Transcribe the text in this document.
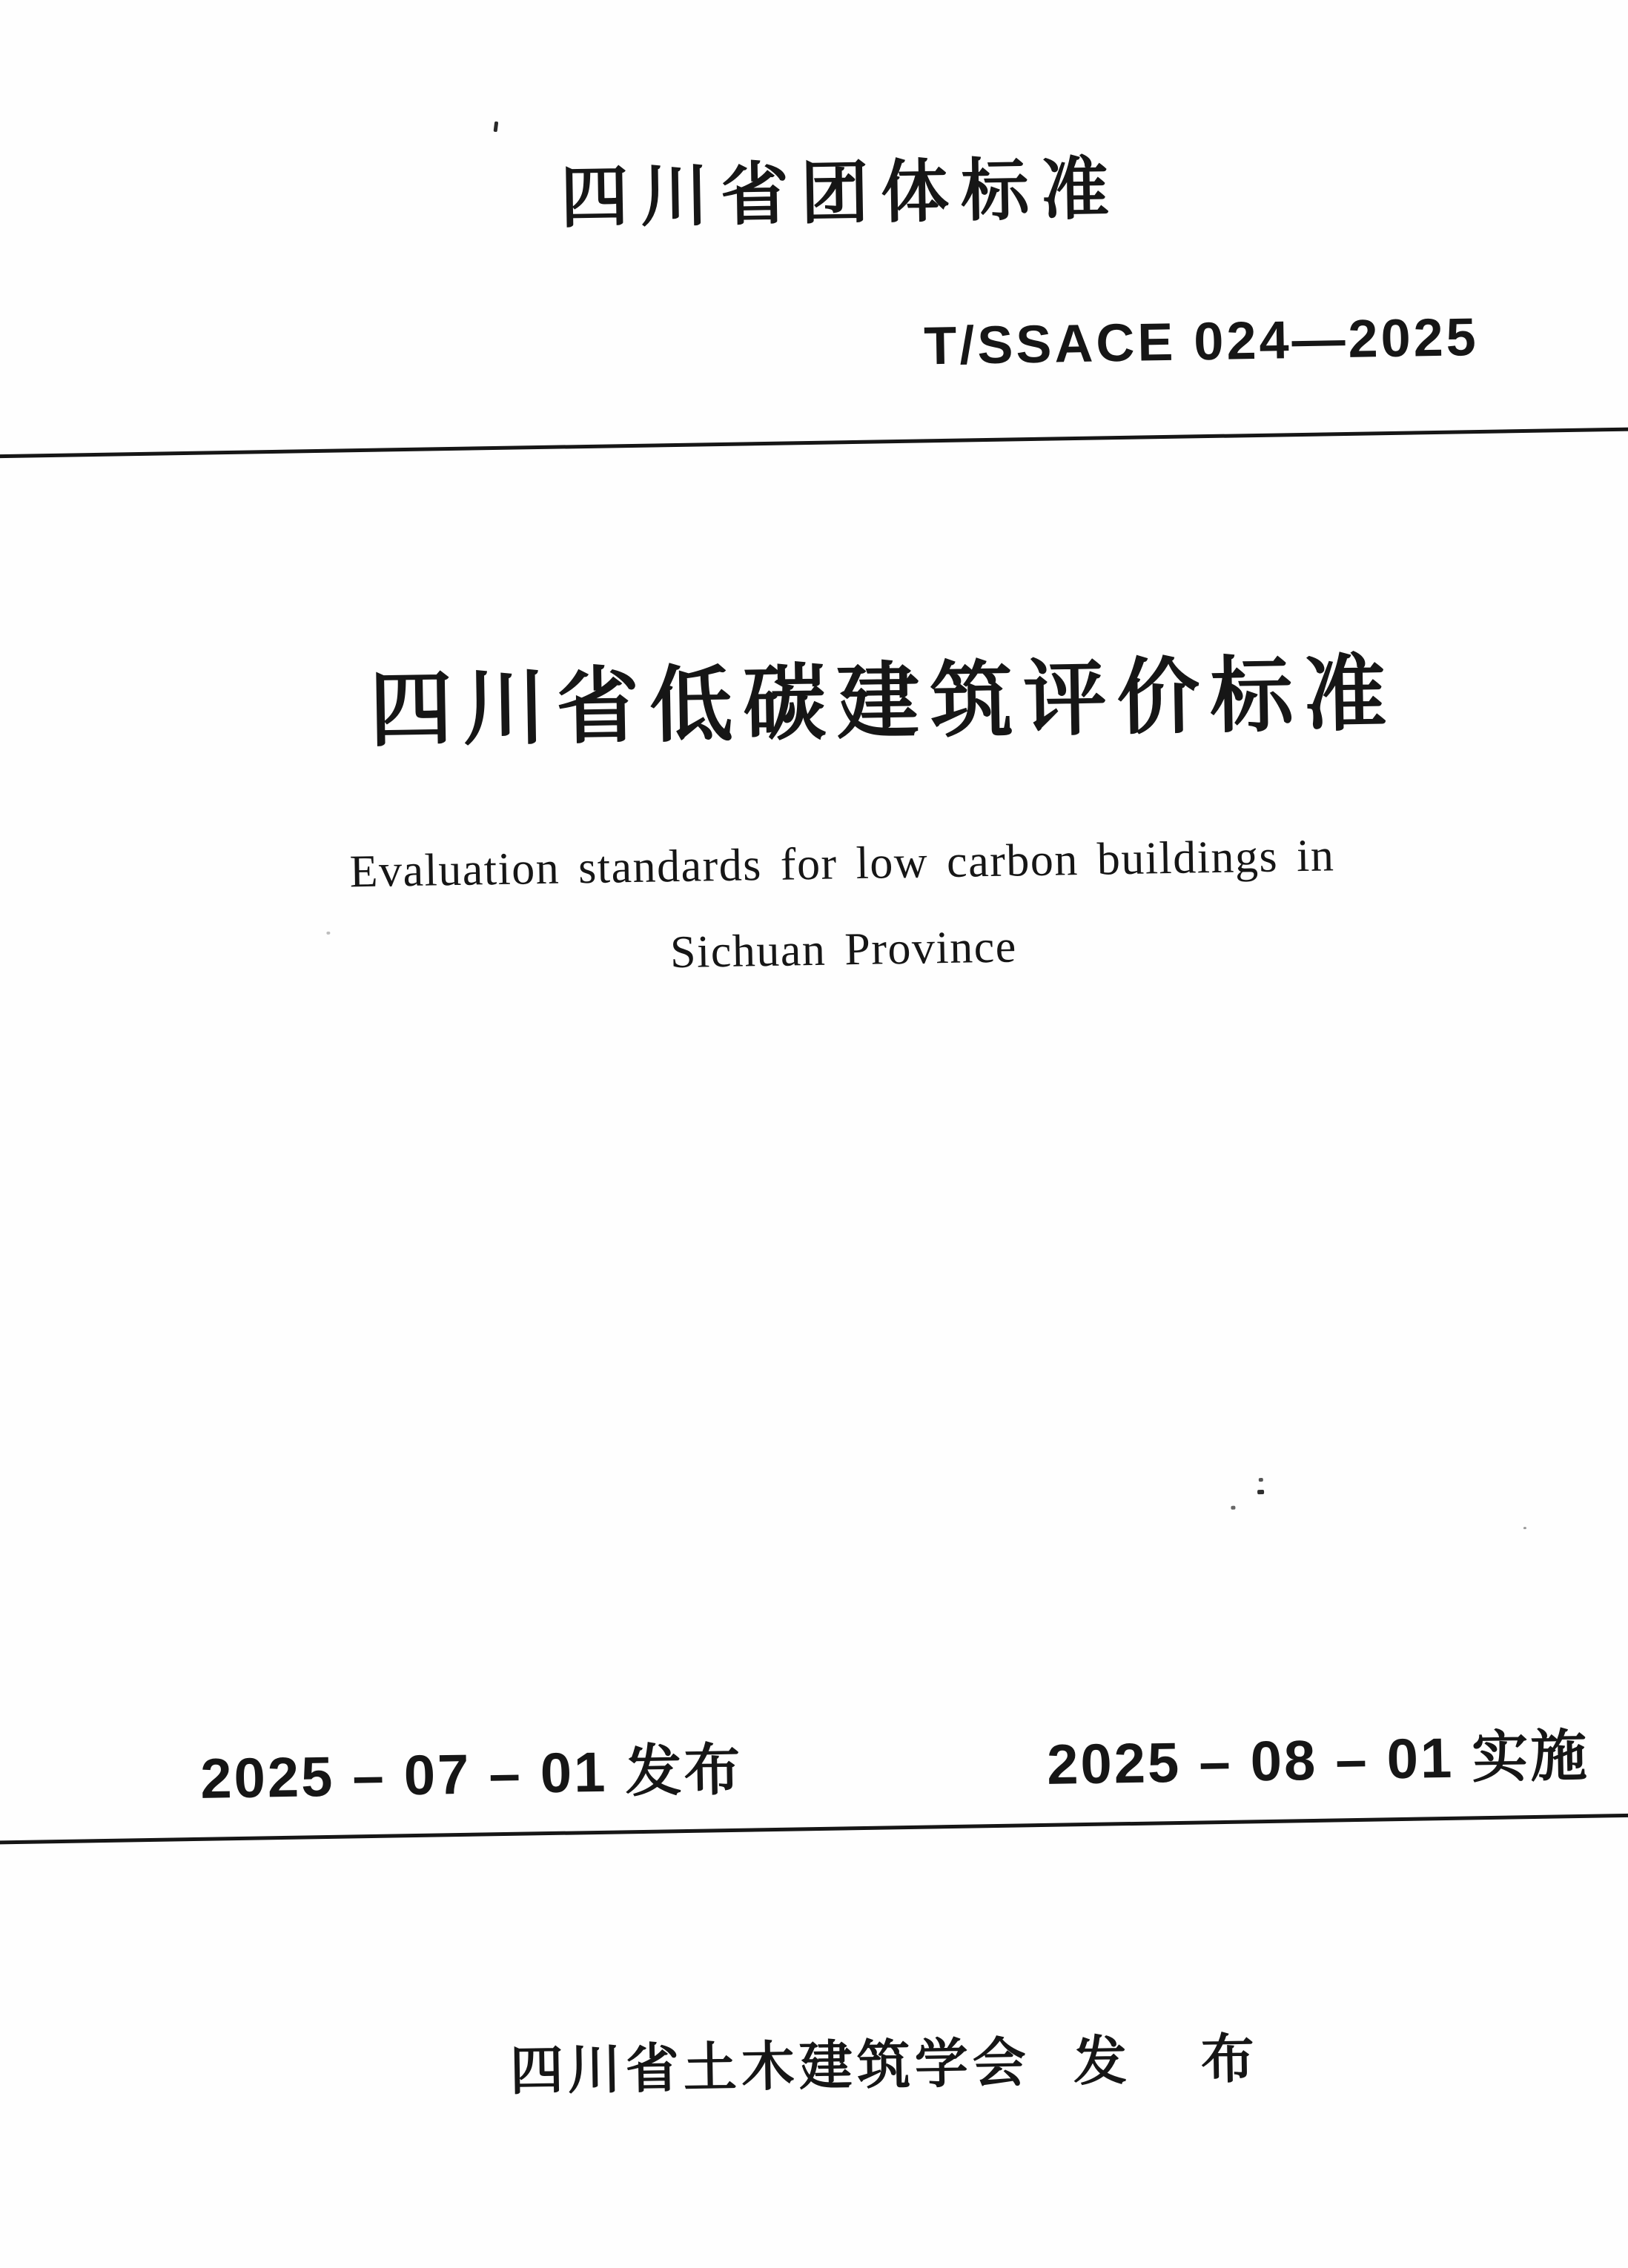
四川省团体标准
T/SSACE 024—2025
四川省低碳建筑评价标准
Evaluation standards for low carbon buildings in
Sichuan Province
2025 – 07 – 01 发布	2025 – 08 – 01 实施
四川省土木建筑学会 发布
